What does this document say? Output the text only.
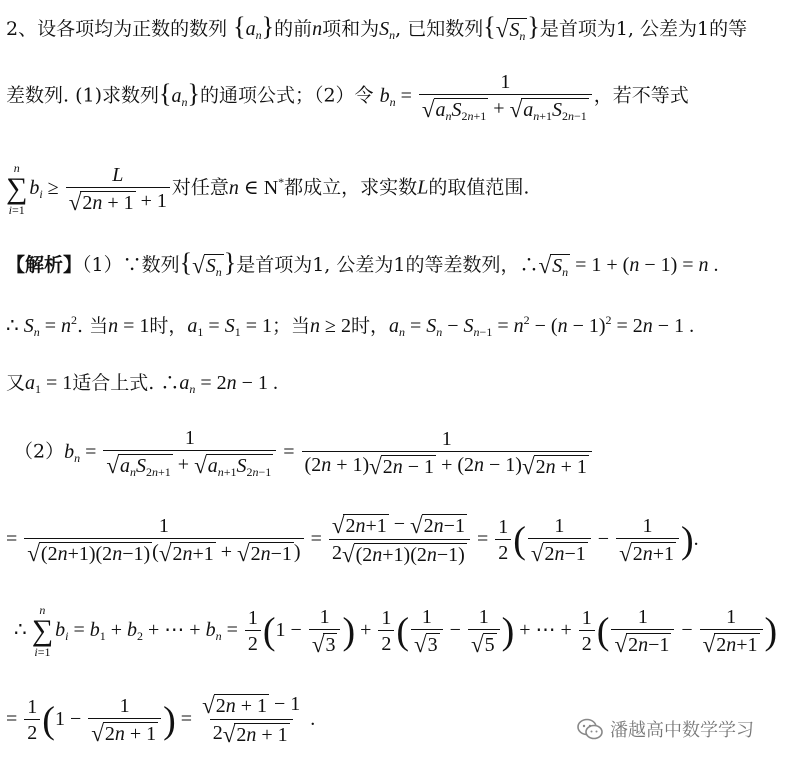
2、设各项均为正数的数列 $\{a_n\}$的前n项和为$S_n$, 已知数列{ √ $S_n$ }是首项为1, 公差为1的等
差数列. (1)求数列$\{a_n\}$的通项公式；（2）令 $b_n = \frac{1}{√ a_nS_{2n+1} + √ a_{n+1}S_{2n-1}}$ ，若不等式
n
∑
i=1
$b_i \ge \frac{L}{√ 2n + 1 + 1}$ 对任意n ∈ N*都成立，求实数L的取值范围.
【解析】（1）∵数列{ √ $S_n$ }是首项为1, 公差为1的等差数列，∴ √ $S_n = 1 + (n - 1) = n$ .
∴ $S_n = n^2$. 当n = 1时，$a_1 = S_1 = 1$；当n ≥ 2时，$a_n = S_n - S_{n-1} = n^2 - (n - 1)^2 = 2n - 1$ .
又$a_1 = 1$适合上式. $\therefore a_n = 2n - 1$ .
$(2)b_n = \frac{1}{√ a_nS_{2n+1} + √ a_{n+1}S_{2n-1}} = \frac{1}{(2n + 1) √ 2n - 1 + (2n - 1) √ 2n + 1}$
= $\frac{1}{√ (2n+1)(2n-1) ( √ 2n+1 + √ 2n-1 )} = \frac{√ 2n+1 - √ 2n-1}{2 √ (2n+1)(2n-1)} = \frac{1}{2}$ ( $\frac{1}{√ 2n-1} - \frac{1}{√ 2n+1}$ ).
∴
n
∑
i=1
$b_i = b_1 + b_2$ + ⋯ + $b_n = \frac{1}{2} (1 - \frac{1}{√ 3}$ ) + $\frac{1}{2}$ ( $\frac{1}{√ 3} - \frac{1}{√ 5}$ ) + ⋯ + $\frac{1}{2}$ ( $\frac{1}{√ 2n-1} - \frac{1}{√ 2n+1}$ )
= $\frac{1}{2} (1 - \frac{1}{√ 2n + 1}$ ) = $\frac{√ 2n + 1 - 1}{2 √ 2n + 1}$ .
潘越高中数学学习
